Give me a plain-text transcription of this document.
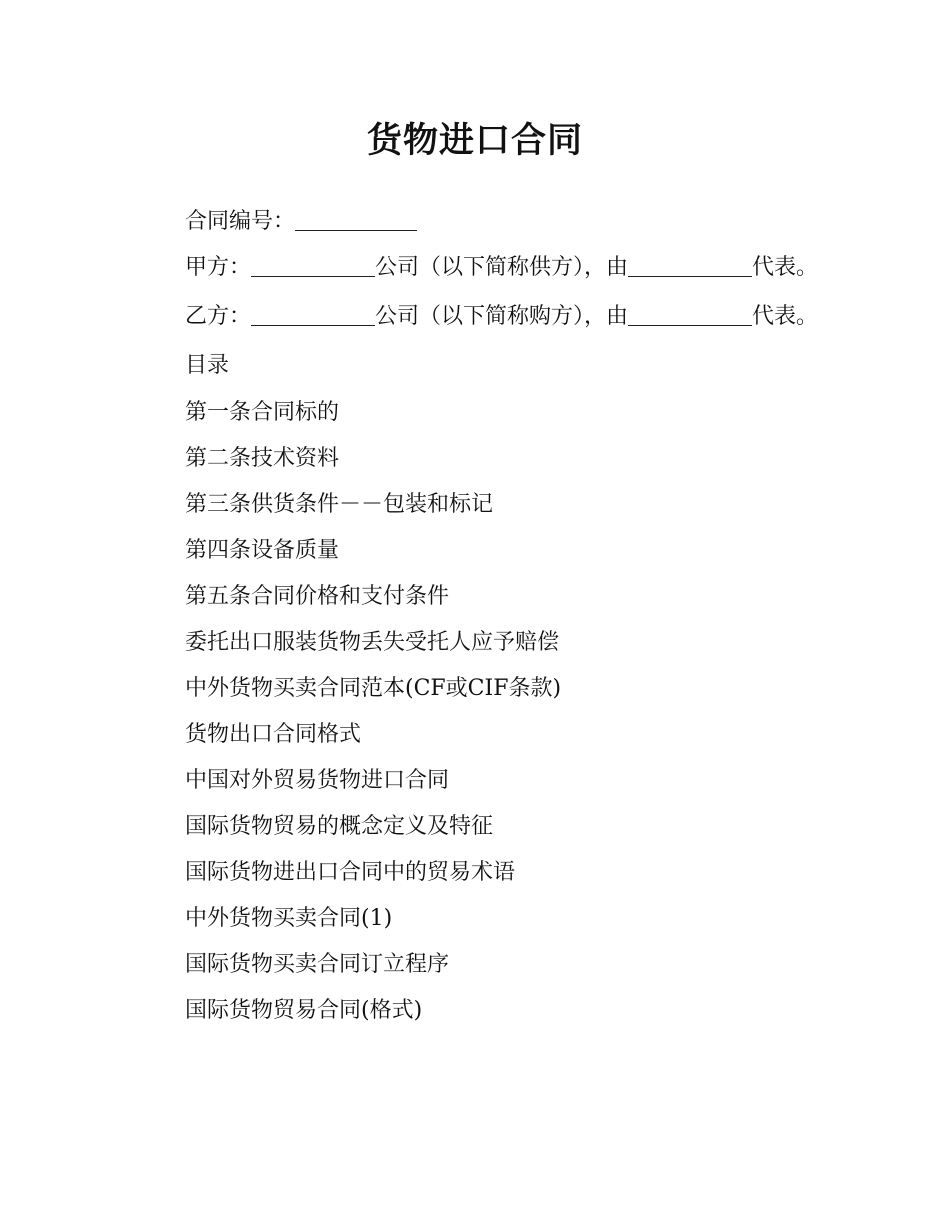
货物进口合同

合同编号：

甲方：	公司（以下简称供方），由	代表。

乙方：	公司（以下简称购方），由	代表。

目录

第一条合同标的
第二条技术资料
第三条供货条件－－包装和标记
第四条设备质量
第五条合同价格和支付条件
委托出口服装货物丢失受托人应予赔偿
中外货物买卖合同范本(CF或CIF条款)
货物出口合同格式
中国对外贸易货物进口合同
国际货物贸易的概念定义及特征
国际货物进出口合同中的贸易术语
中外货物买卖合同(1)
国际货物买卖合同订立程序
国际货物贸易合同(格式)
